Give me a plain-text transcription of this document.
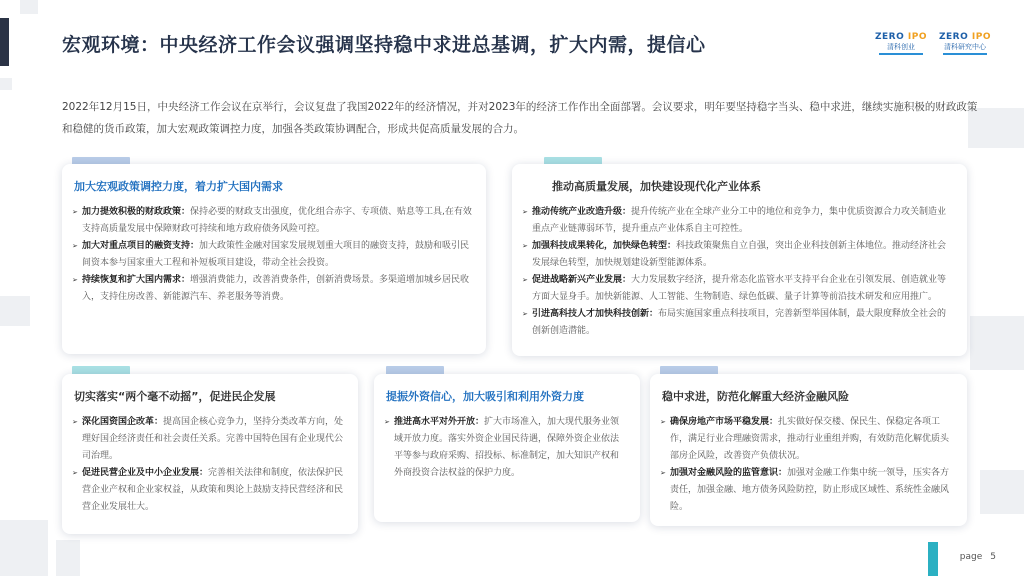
宏观环境：中央经济工作会议强调坚持稳中求进总基调，扩大内需，提信心	ZERO IPO
清科创业
ZERO IPO
清科研究中心
2022年12月15日，中央经济工作会议在京举行，会议复盘了我国2022年的经济情况，并对2023年的经济工作作出全面部署。会议要求，明年要坚持稳字当头、稳中求进，继续实施积极的财政政策和稳健的货币政策，加大宏观政策调控力度，加强各类政策协调配合，形成共促高质量发展的合力。
加大宏观政策调控力度，着力扩大国内需求
➢ 加力提效积极的财政政策：保持必要的财政支出强度，优化组合赤字、专项债、贴息等工具,在有效支持高质量发展中保障财政可持续和地方政府债务风险可控。
➢ 加大对重点项目的融资支持：加大政策性金融对国家发展规划重大项目的融资支持，鼓励和吸引民间资本参与国家重大工程和补短板项目建设，带动全社会投资。
➢ 持续恢复和扩大国内需求：增强消费能力，改善消费条件，创新消费场景。多渠道增加城乡居民收入，支持住房改善、新能源汽车、养老服务等消费。
推动高质量发展，加快建设现代化产业体系
➢ 推动传统产业改造升级：提升传统产业在全球产业分工中的地位和竞争力，集中优质资源合力攻关制造业重点产业链薄弱环节，提升重点产业体系自主可控性。
➢ 加强科技成果转化，加快绿色转型：科技政策聚焦自立自强，突出企业科技创新主体地位。推动经济社会发展绿色转型，加快规划建设新型能源体系。
➢ 促进战略新兴产业发展：大力发展数字经济，提升常态化监管水平支持平台企业在引领发展、创造就业等方面大显身手。加快新能源、人工智能、生物制造、绿色低碳、量子计算等前沿技术研发和应用推广。
➢ 引进高科技人才加快科技创新：布局实施国家重点科技项目，完善新型举国体制，最大限度释放全社会的创新创造潜能。
切实落实“两个毫不动摇”，促进民企发展
➢ 深化国资国企改革：提高国企核心竞争力，坚持分类改革方向，处理好国企经济责任和社会责任关系。完善中国特色国有企业现代公司治理。
➢ 促进民营企业及中小企业发展：完善相关法律和制度，依法保护民营企业产权和企业家权益，从政策和舆论上鼓励支持民营经济和民营企业发展壮大。
提振外资信心，加大吸引和利用外资力度
➢ 推进高水平对外开放：扩大市场准入，加大现代服务业领域开放力度。落实外资企业国民待遇，保障外资企业依法平等参与政府采购、招投标、标准制定，加大知识产权和外商投资合法权益的保护力度。
稳中求进，防范化解重大经济金融风险
➢ 确保房地产市场平稳发展：扎实做好保交楼、保民生、保稳定各项工作，满足行业合理融资需求，推动行业重组并购，有效防范化解优质头部房企风险，改善资产负债状况。
➢ 加强对金融风险的监管意识：加强对金融工作集中统一领导，压实各方责任，加强金融、地方债务风险防控，防止形成区域性、系统性金融风险。
page 5
